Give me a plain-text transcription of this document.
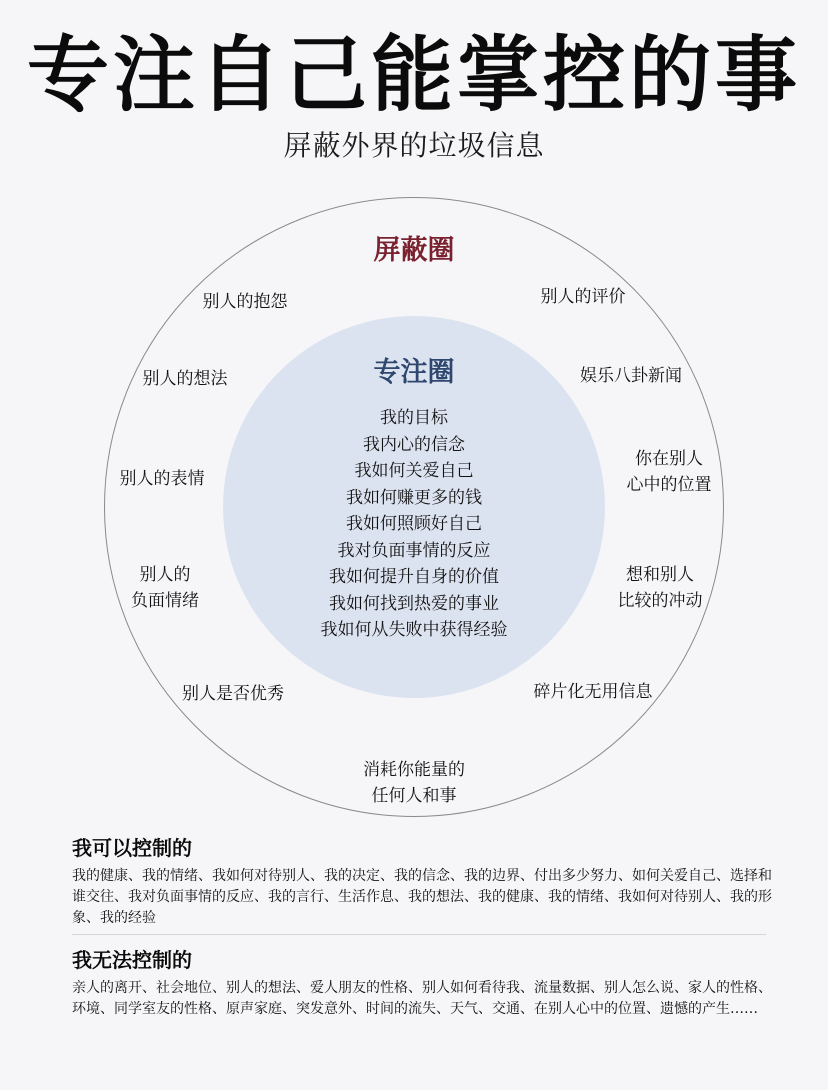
专注自己能掌控的事
屏蔽外界的垃圾信息
屏蔽圈
别人的抱怨	别人的评价
别人的想法	娱乐八卦新闻
别人的表情
你在别人
心中的位置
别人的
负面情绪
想和别人
比较的冲动
别人是否优秀	碎片化无用信息
消耗你能量的
任何人和事
专注圈
我的目标
我内心的信念
我如何关爱自己
我如何赚更多的钱
我如何照顾好自己
我对负面事情的反应
我如何提升自身的价值
我如何找到热爱的事业
我如何从失败中获得经验
我可以控制的

我的健康、我的情绪、我如何对待别人、我的决定、我的信念、我的边界、付出多少努力、如何关爱自己、选择和谁交往、我对负面事情的反应、我的言行、生活作息、我的想法、我的健康、我的情绪、我如何对待别人、我的形象、我的经验

我无法控制的

亲人的离开、社会地位、别人的想法、爱人朋友的性格、别人如何看待我、流量数据、别人怎么说、家人的性格、环境、同学室友的性格、原声家庭、突发意外、时间的流失、天气、交通、在别人心中的位置、遗憾的产生……
